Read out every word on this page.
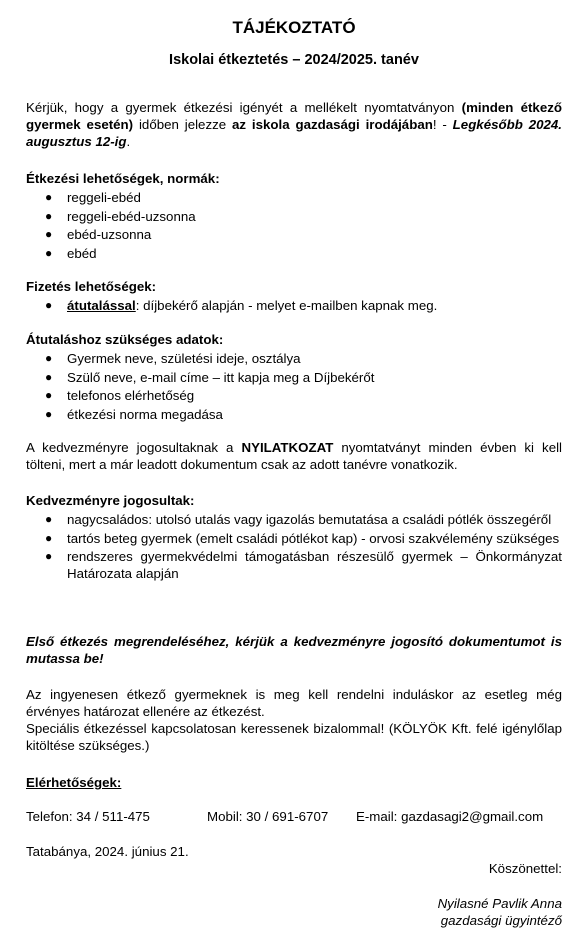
TÁJÉKOZTATÓ
Iskolai étkeztetés – 2024/2025. tanév

Kérjük, hogy a gyermek étkezési igényét a mellékelt nyomtatványon (minden étkező gyermek esetén) időben jelezze az iskola gazdasági irodájában! - Legkésőbb 2024. augusztus 12-ig.

Étkezési lehetőségek, normák:

● reggeli-ebéd
● reggeli-ebéd-uzsonna
● ebéd-uzsonna
● ebéd

Fizetés lehetőségek:

● átutalással: díjbekérő alapján - melyet e-mailben kapnak meg.

Átutaláshoz szükséges adatok:

● Gyermek neve, születési ideje, osztálya
● Szülő neve, e-mail címe – itt kapja meg a Díjbekérőt
● telefonos elérhetőség
● étkezési norma megadása

A kedvezményre jogosultaknak a NYILATKOZAT nyomtatványt minden évben ki kell tölteni, mert a már leadott dokumentum csak az adott tanévre vonatkozik.

Kedvezményre jogosultak:

● nagycsaládos: utolsó utalás vagy igazolás bemutatása a családi pótlék összegéről
● tartós beteg gyermek (emelt családi pótlékot kap) - orvosi szakvélemény szükséges
● rendszeres gyermekvédelmi támogatásban részesülő gyermek – Önkormányzat Határozata alapján

Első étkezés megrendeléséhez, kérjük a kedvezményre jogosító dokumentumot is mutassa be!

Az ingyenesen étkező gyermeknek is meg kell rendelni induláskor az esetleg még érvényes határozat ellenére az étkezést.

Speciális étkezéssel kapcsolatosan keressenek bizalommal! (KÖLYÖK Kft. felé igénylőlap kitöltése szükséges.)

Elérhetőségek:

Telefon: 34 / 511-475	Mobil: 30 / 691-6707 E-mail: gazdasagi2@gmail.com

Tatabánya, 2024. június 21.

Köszönettel:

Nyilasné Pavlik Anna

gazdasági ügyintéző
